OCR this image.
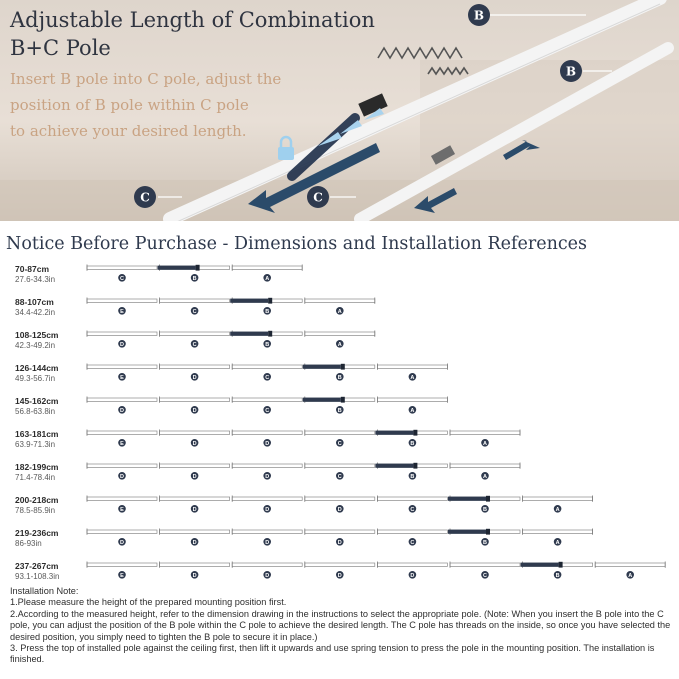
B
B
C	C
Adjustable Length of Combination
B+C Pole
Insert B pole into C pole, adjust the
position of B pole within C pole
to achieve your desired length.
Notice Before Purchase - Dimensions and Installation References
70-87cm
27.6-34.3in	C	B	A
88-107cm
34.4-42.2in	E	C	B	A
108-125cm
42.3-49.2in	D	C	B	A
126-144cm
49.3-56.7in	E	D	C	B	A
145-162cm
56.8-63.8in	D	D	C	B	A
163-181cm
63.9-71.3in	E	D	D	C	B	A
182-199cm
71.4-78.4in	D	D	D	C	B	A
200-218cm
78.5-85.9in	E	D	D	D	C	B	A
219-236cm
86-93in	D	D	D	D	C	B	A
237-267cm
93.1-108.3in	E	D	D	D	D	C	B	A

Installation Note:

1.Please measure the height of the prepared mounting position first.

2.According to the measured height, refer to the dimension drawing in the instructions to select the appropriate pole. (Note: When you insert the B pole into the C pole, you can adjust the position of the B pole within the C pole to achieve the desired length. The C pole has threads on the inside, so once you have selected the desired position, you simply need to tighten the B pole to secure it in place.)

3. Press the top of installed pole against the ceiling first, then lift it upwards and use spring tension to press the pole in the mounting position. The installation is finished.
